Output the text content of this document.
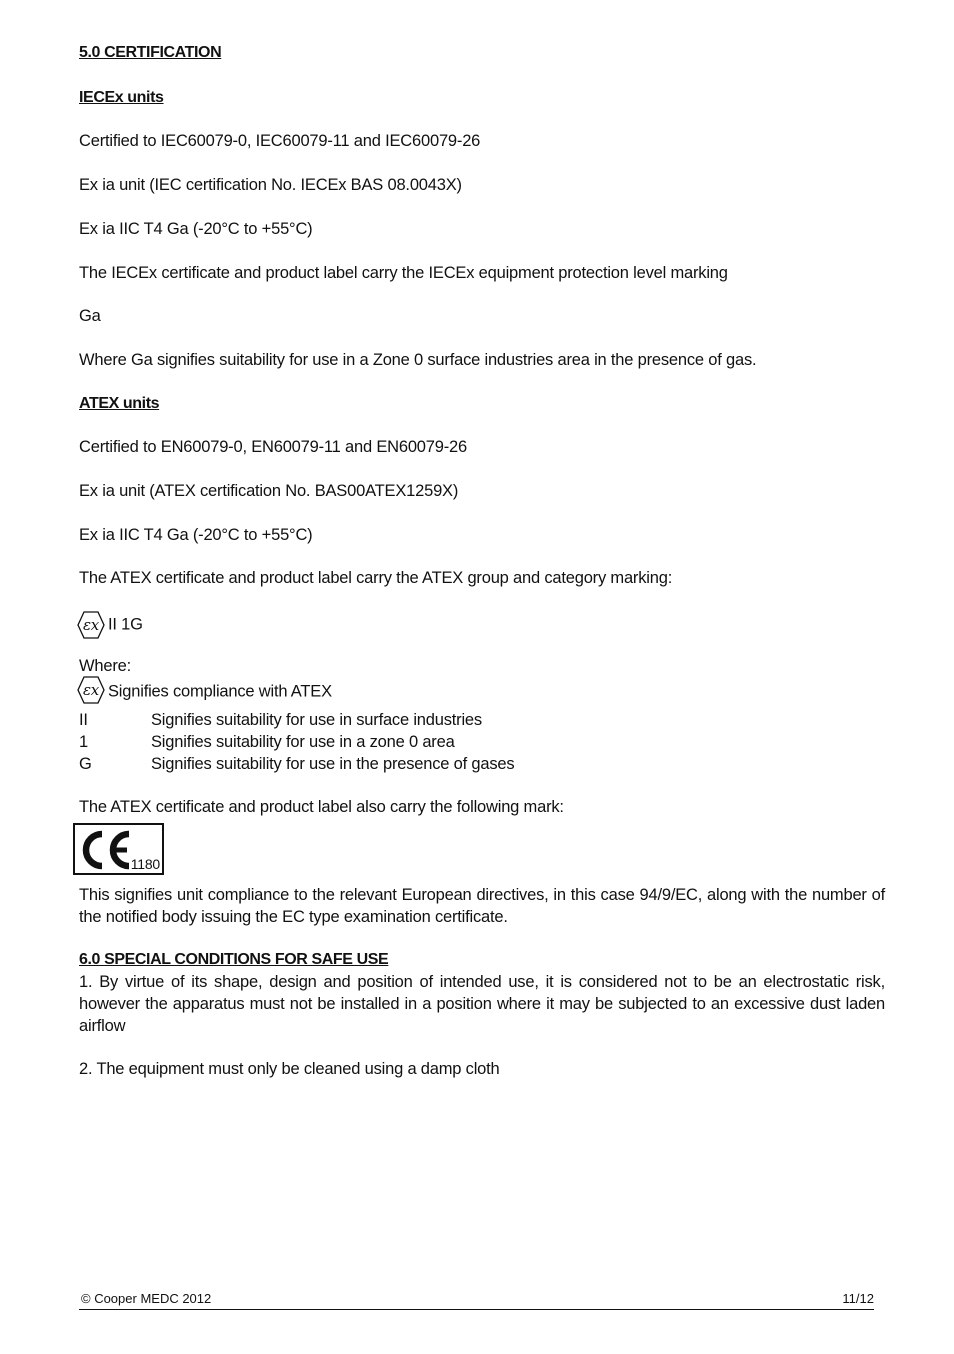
5.0 CERTIFICATION
IECEx units
Certified to IEC60079-0, IEC60079-11 and IEC60079-26
Ex ia unit (IEC certification No. IECEx BAS 08.0043X)
Ex ia IIC T4 Ga (-20°C to +55°C)
The IECEx certificate and product label carry the IECEx equipment protection level marking
Ga
Where Ga signifies suitability for use in a Zone 0 surface industries area in the presence of gas.
ATEX units
Certified to EN60079-0, EN60079-11 and EN60079-26
Ex ia unit (ATEX certification No. BAS00ATEX1259X)
Ex ia IIC T4 Ga (-20°C to +55°C)
The ATEX certificate and product label carry the ATEX group and category marking:
εx II 1G
Where:
εx Signifies compliance with ATEX
II	Signifies suitability for use in surface industries
1	Signifies suitability for use in a zone 0 area
G	Signifies suitability for use in the presence of gases
The ATEX certificate and product label also carry the following mark:
1180
This signifies unit compliance to the relevant European directives, in this case 94/9/EC, along with the number of the notified body issuing the EC type examination certificate.
6.0 SPECIAL CONDITIONS FOR SAFE USE
1. By virtue of its shape, design and position of intended use, it is considered not to be an electrostatic risk, however the apparatus must not be installed in a position where it may be subjected to an excessive dust laden airflow
2. The equipment must only be cleaned using a damp cloth
© Cooper MEDC 2012	11/12
